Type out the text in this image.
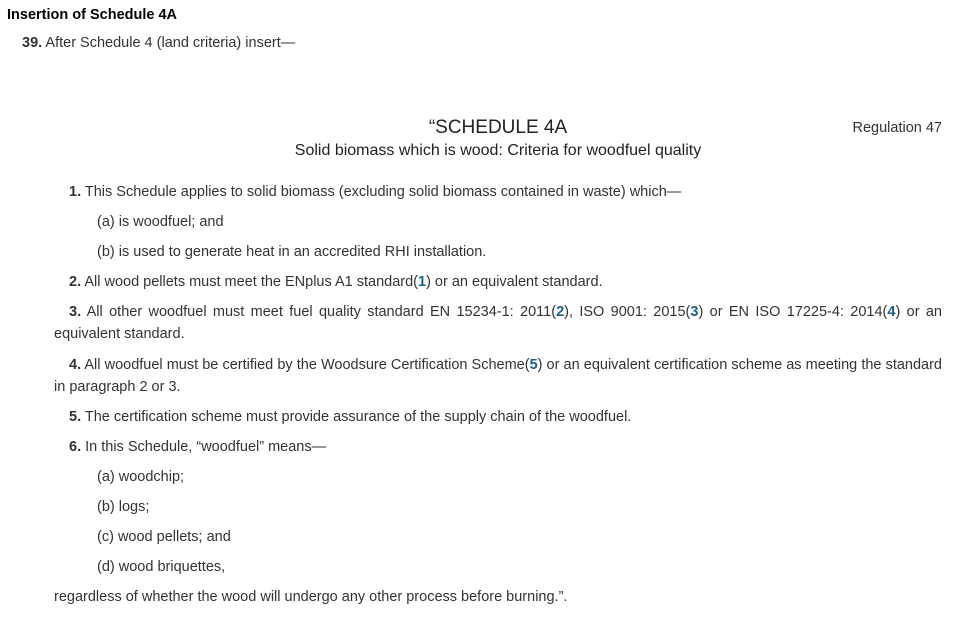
Insertion of Schedule 4A
39. After Schedule 4 (land criteria) insert—
“SCHEDULE 4A
Solid biomass which is wood: Criteria for woodfuel quality
Regulation 47
1. This Schedule applies to solid biomass (excluding solid biomass contained in waste) which—
(a) is woodfuel; and
(b) is used to generate heat in an accredited RHI installation.
2. All wood pellets must meet the ENplus A1 standard(1) or an equivalent standard.
3. All other woodfuel must meet fuel quality standard EN 15234-1: 2011(2), ISO 9001: 2015(3) or EN ISO 17225-4: 2014(4) or an equivalent standard.
4. All woodfuel must be certified by the Woodsure Certification Scheme(5) or an equivalent certification scheme as meeting the standard in paragraph 2 or 3.
5. The certification scheme must provide assurance of the supply chain of the woodfuel.
6. In this Schedule, “woodfuel” means—
(a) woodchip;
(b) logs;
(c) wood pellets; and
(d) wood briquettes,
regardless of whether the wood will undergo any other process before burning.”.
